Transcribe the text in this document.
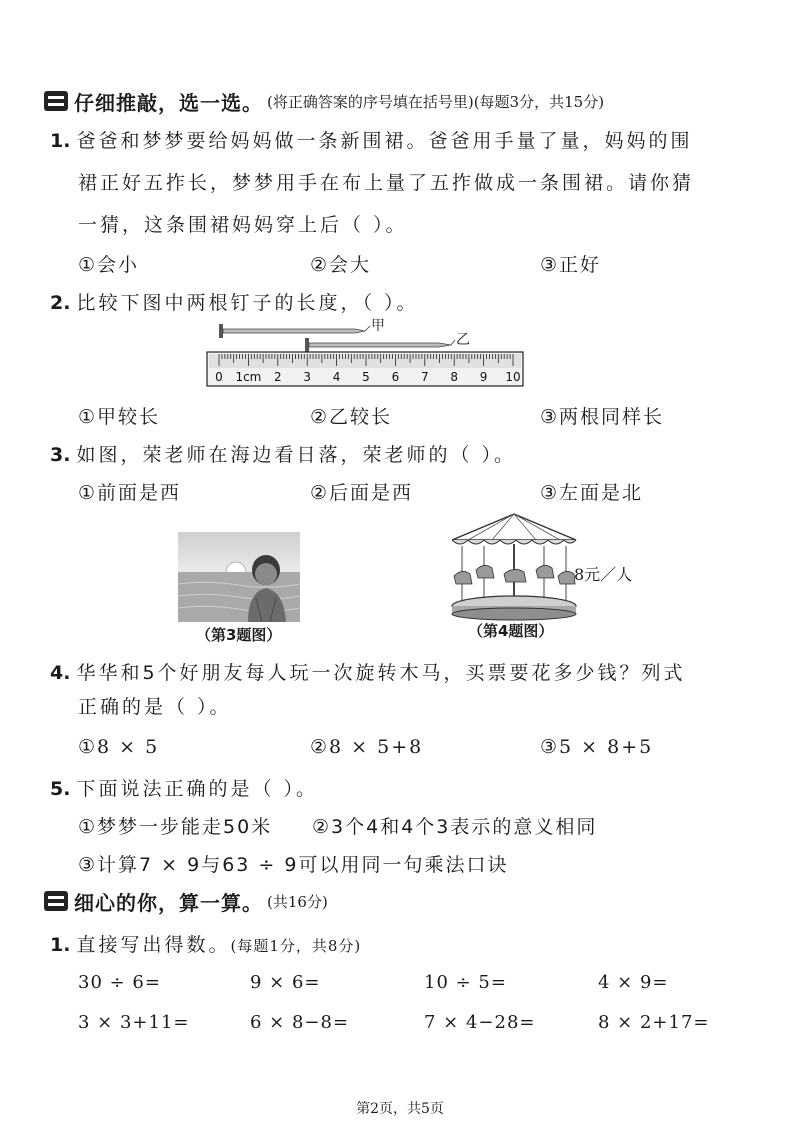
仔细推敲，选一选。 (将正确答案的序号填在括号里)(每题3分，共15分)
1. 爸爸和梦梦要给妈妈做一条新围裙。爸爸用手量了量，妈妈的围
裙正好五拃长，梦梦用手在布上量了五拃做成一条围裙。请你猜
一猜，这条围裙妈妈穿上后（ ）。
①会小	②会大	③正好
2. 比较下图中两根钉子的长度，（ ）。
甲
乙
0 1cm 2 3 4 5 6 7 8 9 10
①甲较长	②乙较长	③两根同样长
3. 如图，荣老师在海边看日落，荣老师的（ ）。
①前面是西	②后面是西	③左面是北
（第3题图）
8元／人
（第4题图）
4. 华华和5个好朋友每人玩一次旋转木马，买票要花多少钱？列式
正确的是（ ）。
①8 × 5	②8 × 5+8	③5 × 8+5
5. 下面说法正确的是（ ）。
①梦梦一步能走50米 ②3个4和4个3表示的意义相同
③计算7 × 9与63 ÷ 9可以用同一句乘法口诀
细心的你，算一算。 (共16分)
1. 直接写出得数。(每题1分，共8分)
30 ÷ 6=	9 × 6=	10 ÷ 5=	4 × 9=
3 × 3+11=	6 × 8−8=	7 × 4−28=	8 × 2+17=
第2页，共5页
